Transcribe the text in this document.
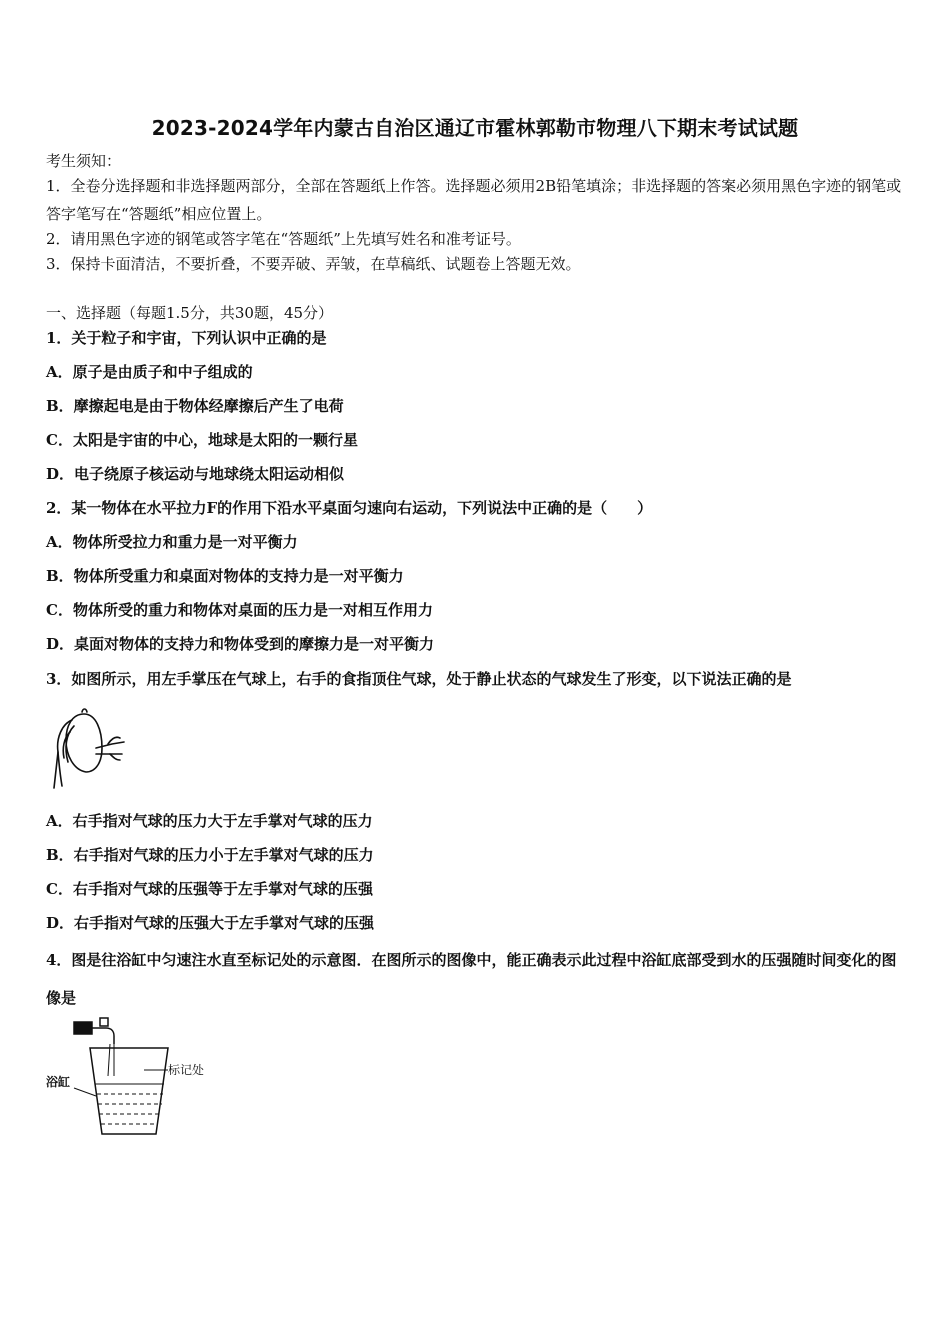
2023-2024学年内蒙古自治区通辽市霍林郭勒市物理八下期末考试试题
考生须知：
1．全卷分选择题和非选择题两部分，全部在答题纸上作答。选择题必须用2B铅笔填涂；非选择题的答案必须用黑色字迹的钢笔或答字笔写在“答题纸”相应位置上。
2．请用黑色字迹的钢笔或答字笔在“答题纸”上先填写姓名和准考证号。
3．保持卡面清洁，不要折叠，不要弄破、弄皱，在草稿纸、试题卷上答题无效。
一、选择题（每题1.5分，共30题，45分）
1．关于粒子和宇宙，下列认识中正确的是
A．原子是由质子和中子组成的
B．摩擦起电是由于物体经摩擦后产生了电荷
C．太阳是宇宙的中心，地球是太阳的一颗行星
D．电子绕原子核运动与地球绕太阳运动相似
2．某一物体在水平拉力F的作用下沿水平桌面匀速向右运动，下列说法中正确的是（　　）
A．物体所受拉力和重力是一对平衡力
B．物体所受重力和桌面对物体的支持力是一对平衡力
C．物体所受的重力和物体对桌面的压力是一对相互作用力
D．桌面对物体的支持力和物体受到的摩擦力是一对平衡力
3．如图所示，用左手掌压在气球上，右手的食指顶住气球，处于静止状态的气球发生了形变，以下说法正确的是
A．右手指对气球的压力大于左手掌对气球的压力
B．右手指对气球的压力小于左手掌对气球的压力
C．右手指对气球的压强等于左手掌对气球的压强
D．右手指对气球的压强大于左手掌对气球的压强
4．图是往浴缸中匀速注水直至标记处的示意图．在图所示的图像中，能正确表示此过程中浴缸底部受到水的压强随时间变化的图像是
标记处
浴缸
